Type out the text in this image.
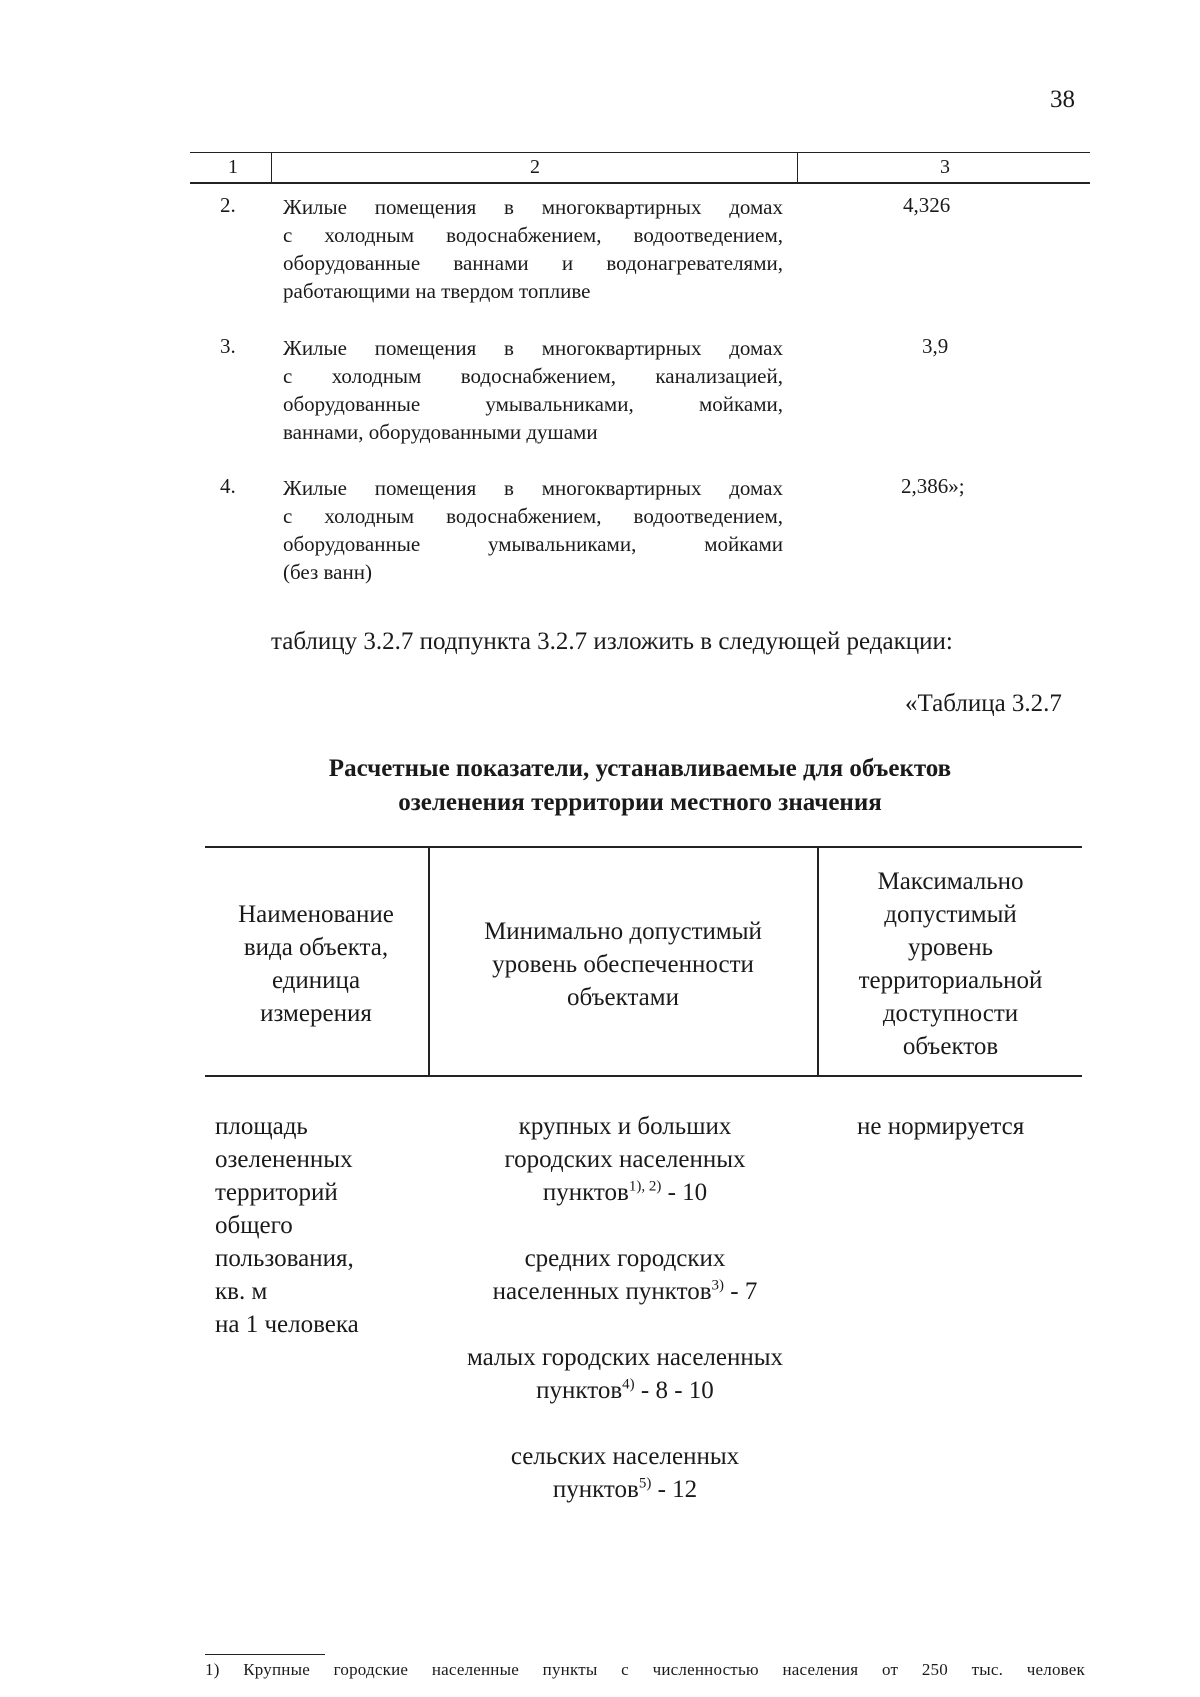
38
1	2	3
2. Жилые помещения в многоквартирных домах
с холодным водоснабжением, водоотведением,
оборудованные ваннами и водонагревателями,
работающими на твердом топливе
4,326
3. Жилые помещения в многоквартирных домах
с холодным водоснабжением, канализацией,
оборудованные умывальниками, мойками,
ваннами, оборудованными душами
3,9
4. Жилые помещения в многоквартирных домах
с холодным водоснабжением, водоотведением,
оборудованные умывальниками, мойками
(без ванн)
2,386»;
таблицу 3.2.7 подпункта 3.2.7 изложить в следующей редакции:
«Таблица 3.2.7
Расчетные показатели, устанавливаемые для объектов
озеленения территории местного значения
Наименование
вида объекта,
единица
измерения
Минимально допустимый
уровень обеспеченности
объектами
Максимально
допустимый
уровень
территориальной
доступности
объектов
площадь
озелененных
территорий
общего
пользования,
кв. м
на 1 человека
крупных и больших
городских населенных
пунктов$^{1), 2)}$ - 10
средних городских
населенных пунктов$^{3)}$ - 7
малых городских населенных
пунктов$^{4)}$ - 8 - 10
сельских населенных
пунктов$^{5)}$ - 12
не нормируется
1) Крупные городские населенные пункты с численностью населения от 250 тыс. человек
